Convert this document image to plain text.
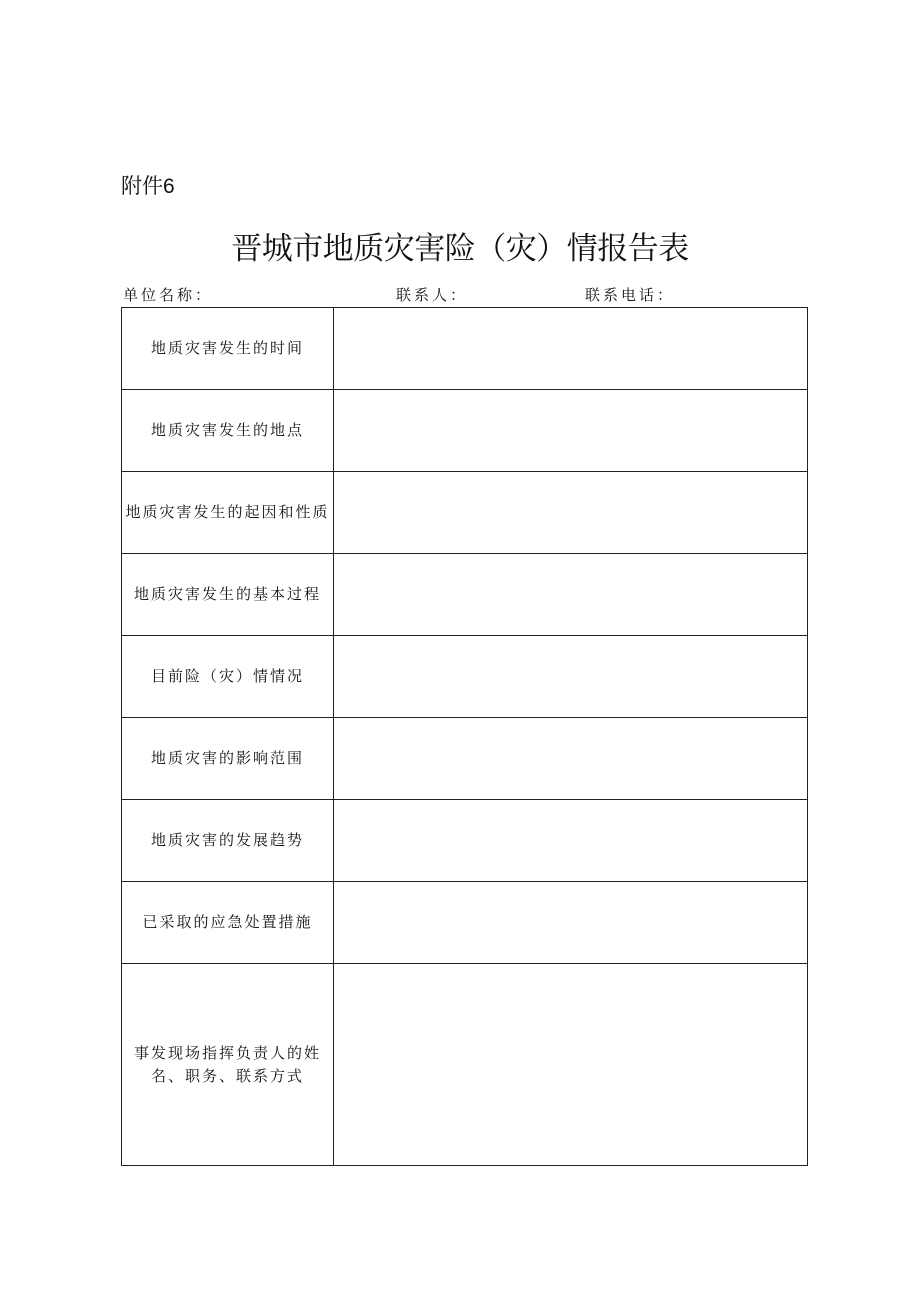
附件6
晋城市地质灾害险（灾）情报告表
单位名称：	联系人：	联系电话：
地质灾害发生的时间	
地质灾害发生的地点	
地质灾害发生的起因和性质	
地质灾害发生的基本过程	
目前险（灾）情情况	
地质灾害的影响范围	
地质灾害的发展趋势	
已采取的应急处置措施	
事发现场指挥负责人的姓名、职务、联系方式	
